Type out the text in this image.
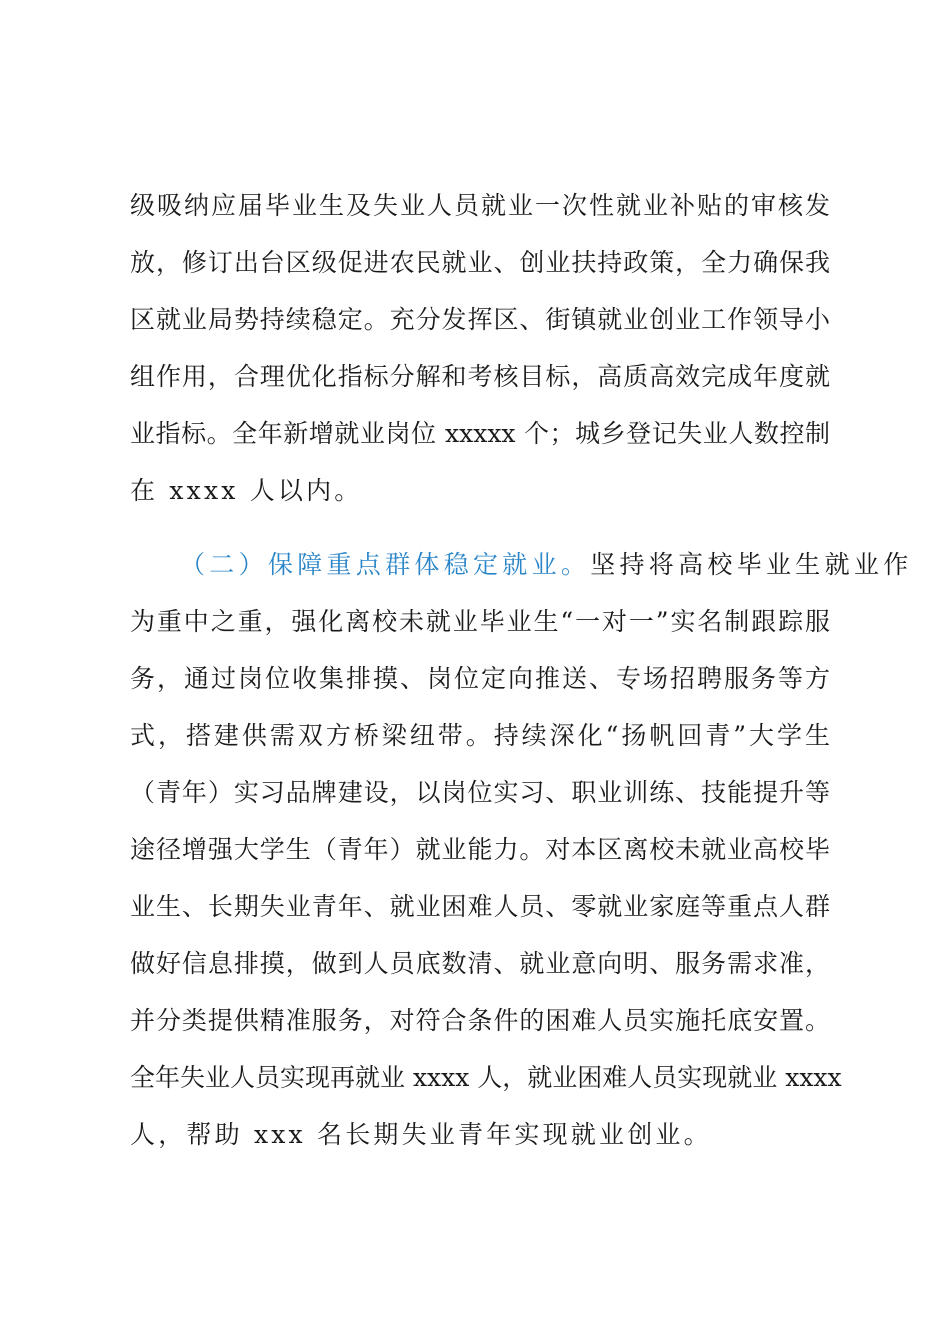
级吸纳应届毕业生及失业人员就业一次性就业补贴的审核发
放，修订出台区级促进农民就业、创业扶持政策，全力确保我
区就业局势持续稳定。充分发挥区、街镇就业创业工作领导小
组作用，合理优化指标分解和考核目标，高质高效完成年度就
业指标。全年新增就业岗位 xxxxx 个；城乡登记失业人数控制
在 xxxx 人以内。
（二）保障重点群体稳定就业。坚持将高校毕业生就业作
为重中之重，强化离校未就业毕业生“一对一”实名制跟踪服
务，通过岗位收集排摸、岗位定向推送、专场招聘服务等方
式，搭建供需双方桥梁纽带。持续深化“扬帆回青”大学生
（青年）实习品牌建设，以岗位实习、职业训练、技能提升等
途径增强大学生（青年）就业能力。对本区离校未就业高校毕
业生、长期失业青年、就业困难人员、零就业家庭等重点人群
做好信息排摸，做到人员底数清、就业意向明、服务需求准，
并分类提供精准服务，对符合条件的困难人员实施托底安置。
全年失业人员实现再就业 xxxx 人，就业困难人员实现就业 xxxx
人，帮助 xxx 名长期失业青年实现就业创业。
